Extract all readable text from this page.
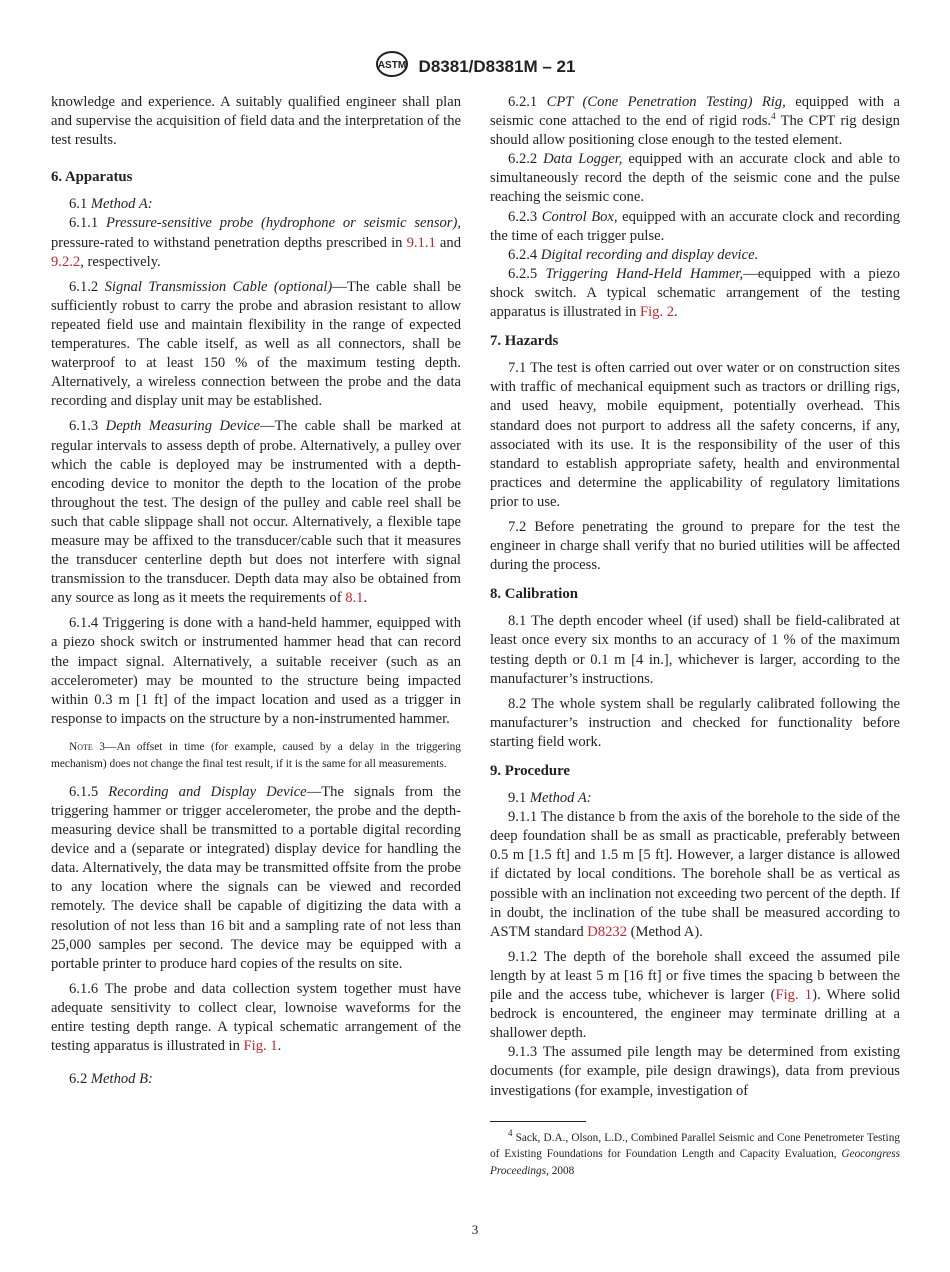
ASTM D8381/D8381M – 21

knowledge and experience. A suitably qualified engineer shall plan and supervise the acquisition of field data and the interpretation of the test results.

6. Apparatus

6.1 Method A:

6.1.1 Pressure-sensitive probe (hydrophone or seismic sensor), pressure-rated to withstand penetration depths prescribed in 9.1.1 and 9.2.2, respectively.

6.1.2 Signal Transmission Cable (optional)—The cable shall be sufficiently robust to carry the probe and abrasion resistant to allow repeated field use and maintain flexibility in the range of expected temperatures. The cable itself, as well as all connectors, shall be waterproof to at least 150 % of the maximum testing depth. Alternatively, a wireless connection between the probe and the data recording and display unit may be established.

6.1.3 Depth Measuring Device—The cable shall be marked at regular intervals to assess depth of probe. Alternatively, a pulley over which the cable is deployed may be instrumented with a depth-encoding device to monitor the depth to the location of the probe throughout the test. The design of the pulley and cable reel shall be such that cable slippage shall not occur. Alternatively, a flexible tape measure may be affixed to the transducer/cable such that it measures the transducer centerline depth but does not interfere with signal transmission to the transducer. Depth data may also be obtained from any source as long as it meets the requirements of 8.1.

6.1.4 Triggering is done with a hand-held hammer, equipped with a piezo shock switch or instrumented hammer head that can record the impact signal. Alternatively, a suitable receiver (such as an accelerometer) may be mounted to the structure being impacted within 0.3 m [1 ft] of the impact location and used as a trigger in response to impacts on the structure by a non-instrumented hammer.

Note 3—An offset in time (for example, caused by a delay in the triggering mechanism) does not change the final test result, if it is the same for all measurements.

6.1.5 Recording and Display Device—The signals from the triggering hammer or trigger accelerometer, the probe and the depth-measuring device shall be transmitted to a portable digital recording device and a (separate or integrated) display device for handling the data. Alternatively, the data may be transmitted offsite from the probe to any location where the signals can be viewed and recorded remotely. The device shall be capable of digitizing the data with a resolution of not less than 16 bit and a sampling rate of not less than 25,000 samples per second. The device may be equipped with a portable printer to produce hard copies of the results on site.

6.1.6 The probe and data collection system together must have adequate sensitivity to collect clear, lownoise waveforms for the entire testing depth range. A typical schematic arrangement of the testing apparatus is illustrated in Fig. 1.

6.2 Method B:

6.2.1 CPT (Cone Penetration Testing) Rig, equipped with a seismic cone attached to the end of rigid rods.$^4$ The CPT rig design should allow positioning close enough to the tested element.

6.2.2 Data Logger, equipped with an accurate clock and able to simultaneously record the depth of the seismic cone and the pulse reaching the seismic cone.

6.2.3 Control Box, equipped with an accurate clock and recording the time of each trigger pulse.

6.2.4 Digital recording and display device.

6.2.5 Triggering Hand-Held Hammer,—equipped with a piezo shock switch. A typical schematic arrangement of the testing apparatus is illustrated in Fig. 2.

7. Hazards

7.1 The test is often carried out over water or on construction sites with traffic of mechanical equipment such as tractors or drilling rigs, and used heavy, mobile equipment, potentially overhead. This standard does not purport to address all the safety concerns, if any, associated with its use. It is the responsibility of the user of this standard to establish appropriate safety, health and environmental practices and determine the applicability of regulatory limitations prior to use.

7.2 Before penetrating the ground to prepare for the test the engineer in charge shall verify that no buried utilities will be affected during the process.

8. Calibration

8.1 The depth encoder wheel (if used) shall be field-calibrated at least once every six months to an accuracy of 1 % of the maximum testing depth or 0.1 m [4 in.], whichever is larger, according to the manufacturer’s instructions.

8.2 The whole system shall be regularly calibrated following the manufacturer’s instruction and checked for functionality before starting field work.

9. Procedure

9.1 Method A:

9.1.1 The distance b from the axis of the borehole to the side of the deep foundation shall be as small as practicable, preferably between 0.5 m [1.5 ft] and 1.5 m [5 ft]. However, a larger distance is allowed if dictated by local conditions. The borehole shall be as vertical as possible with an inclination not exceeding two percent of the depth. If in doubt, the inclination of the tube shall be measured according to ASTM standard D8232 (Method A).

9.1.2 The depth of the borehole shall exceed the assumed pile length by at least 5 m [16 ft] or five times the spacing b between the pile and the access tube, whichever is larger (Fig. 1). Where solid bedrock is encountered, the engineer may terminate drilling at a shallower depth.

9.1.3 The assumed pile length may be determined from existing documents (for example, pile design drawings), data from previous investigations (for example, investigation of

$^4$ Sack, D.A., Olson, L.D., Combined Parallel Seismic and Cone Penetrometer Testing of Existing Foundations for Foundation Length and Capacity Evaluation, Geocongress Proceedings, 2008

3
